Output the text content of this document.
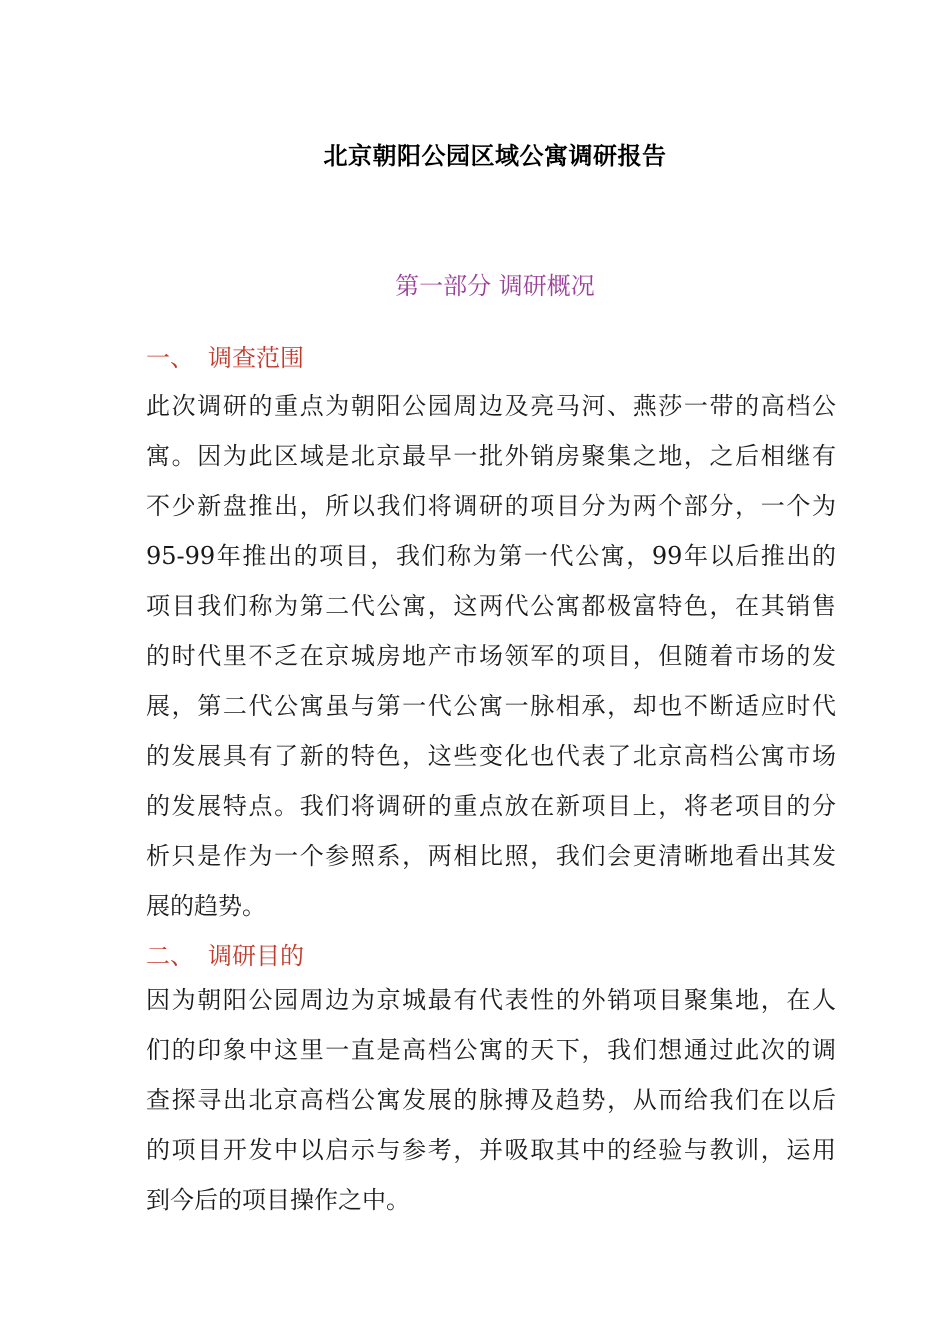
北京朝阳公园区域公寓调研报告
第一部分 调研概况
一、 调查范围
此次调研的重点为朝阳公园周边及亮马河、燕莎一带的高档公
寓。因为此区域是北京最早一批外销房聚集之地，之后相继有
不少新盘推出，所以我们将调研的项目分为两个部分，一个为
95-99年推出的项目，我们称为第一代公寓，99年以后推出的
项目我们称为第二代公寓，这两代公寓都极富特色，在其销售
的时代里不乏在京城房地产市场领军的项目，但随着市场的发
展，第二代公寓虽与第一代公寓一脉相承，却也不断适应时代
的发展具有了新的特色，这些变化也代表了北京高档公寓市场
的发展特点。我们将调研的重点放在新项目上，将老项目的分
析只是作为一个参照系，两相比照，我们会更清晰地看出其发
展的趋势。
二、 调研目的
因为朝阳公园周边为京城最有代表性的外销项目聚集地，在人
们的印象中这里一直是高档公寓的天下，我们想通过此次的调
查探寻出北京高档公寓发展的脉搏及趋势，从而给我们在以后
的项目开发中以启示与参考，并吸取其中的经验与教训，运用
到今后的项目操作之中。
